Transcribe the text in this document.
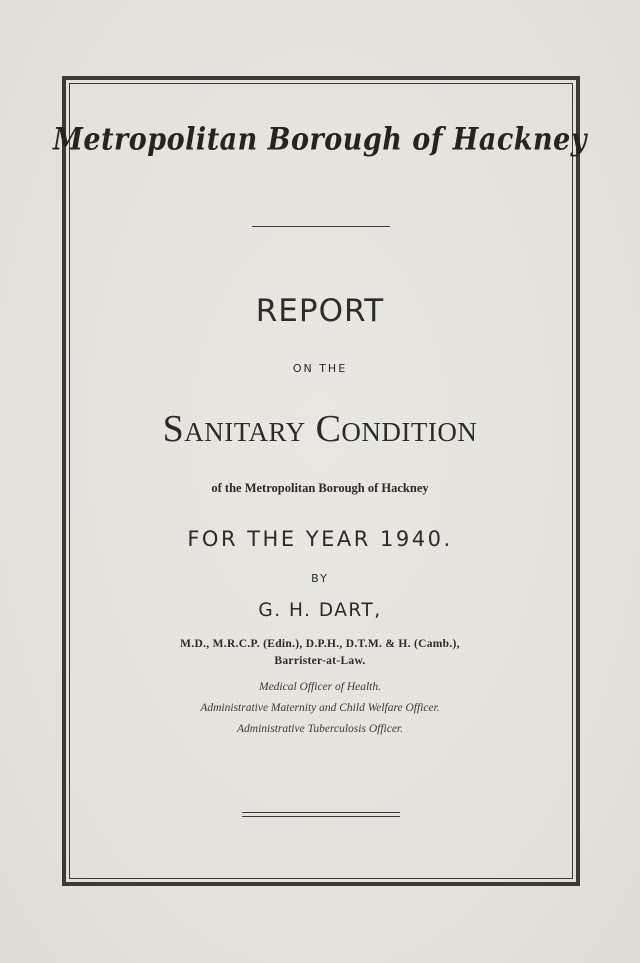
Metropolitan Borough of Hackney
REPORT
ON THE
Sanitary Condition
of the Metropolitan Borough of Hackney
FOR THE YEAR 1940.
BY
G. H. DART,
M.D., M.R.C.P. (Edin.), D.P.H., D.T.M. & H. (Camb.),
Barrister-at-Law.
Medical Officer of Health.
Administrative Maternity and Child Welfare Officer.
Administrative Tuberculosis Officer.
